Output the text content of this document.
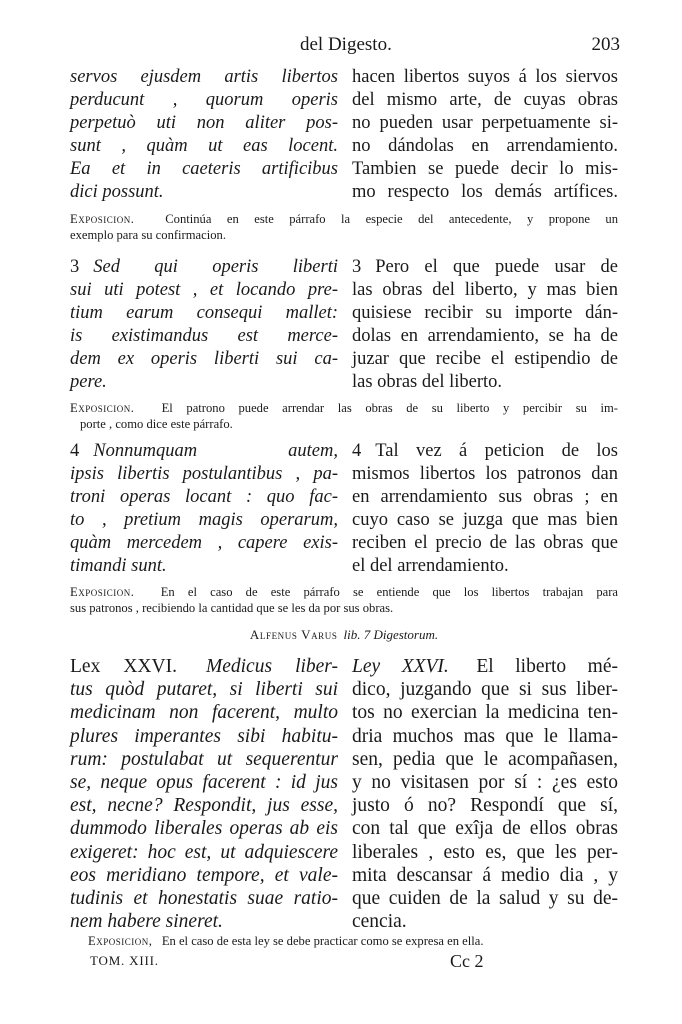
del Digesto.	203
servos ejusdem artis libertos
perducunt , quorum operis
perpetuò uti non aliter pos-
sunt , quàm ut eas locent.
Ea et in caeteris artificibus
dici possunt.
hacen libertos suyos á los siervos
del mismo arte, de cuyas obras
no pueden usar perpetuamente si-
no dándolas en arrendamiento.
Tambien se puede decir lo mis-
mo respecto los demás artífices.
Exposicion. Continúa en este párrafo la especie del antecedente, y propone un
exemplo para su confirmacion.
3 Sed qui operis liberti
sui uti potest , et locando pre-
tium earum consequi mallet:
is existimandus est merce-
dem ex operis liberti sui ca-
pere.
3 Pero el que puede usar de
las obras del liberto, y mas bien
quisiese recibir su importe dán-
dolas en arrendamiento, se ha de
juzar que recibe el estipendio de
las obras del liberto.
Exposicion. El patrono puede arrendar las obras de su liberto y percibir su im-
porte , como dice este párrafo.
4 Nonnumquam autem,
ipsis libertis postulantibus , pa-
troni operas locant : quo fac-
to , pretium magis operarum,
quàm mercedem , capere exis-
timandi sunt.
4 Tal vez á peticion de los
mismos libertos los patronos dan
en arrendamiento sus obras ; en
cuyo caso se juzga que mas bien
reciben el precio de las obras que
el del arrendamiento.
Exposicion. En el caso de este párrafo se entiende que los libertos trabajan para
sus patronos , recibiendo la cantidad que se les da por sus obras.
Alfenus Varus lib. 7 Digestorum.
Lex XXVI. Medicus liber-
tus quòd putaret, si liberti sui
medicinam non facerent, multo
plures imperantes sibi habitu-
rum: postulabat ut sequerentur
se, neque opus facerent : id jus
est, necne? Respondit, jus esse,
dummodo liberales operas ab eis
exigeret: hoc est, ut adquiescere
eos meridiano tempore, et vale-
tudinis et honestatis suae ratio-
nem habere sineret.
Ley XXVI. El liberto mé-
dico, juzgando que si sus liber-
tos no exercian la medicina ten-
dria muchos mas que le llama-
sen, pedia que le acompañasen,
y no visitasen por sí : ¿es esto
justo ó no? Respondí que sí,
con tal que exîja de ellos obras
liberales , esto es, que les per-
mita descansar á medio dia , y
que cuiden de la salud y su de-
cencia.
Exposicion, En el caso de esta ley se debe practicar como se expresa en ella.
TOM. XIII.	Cc 2
